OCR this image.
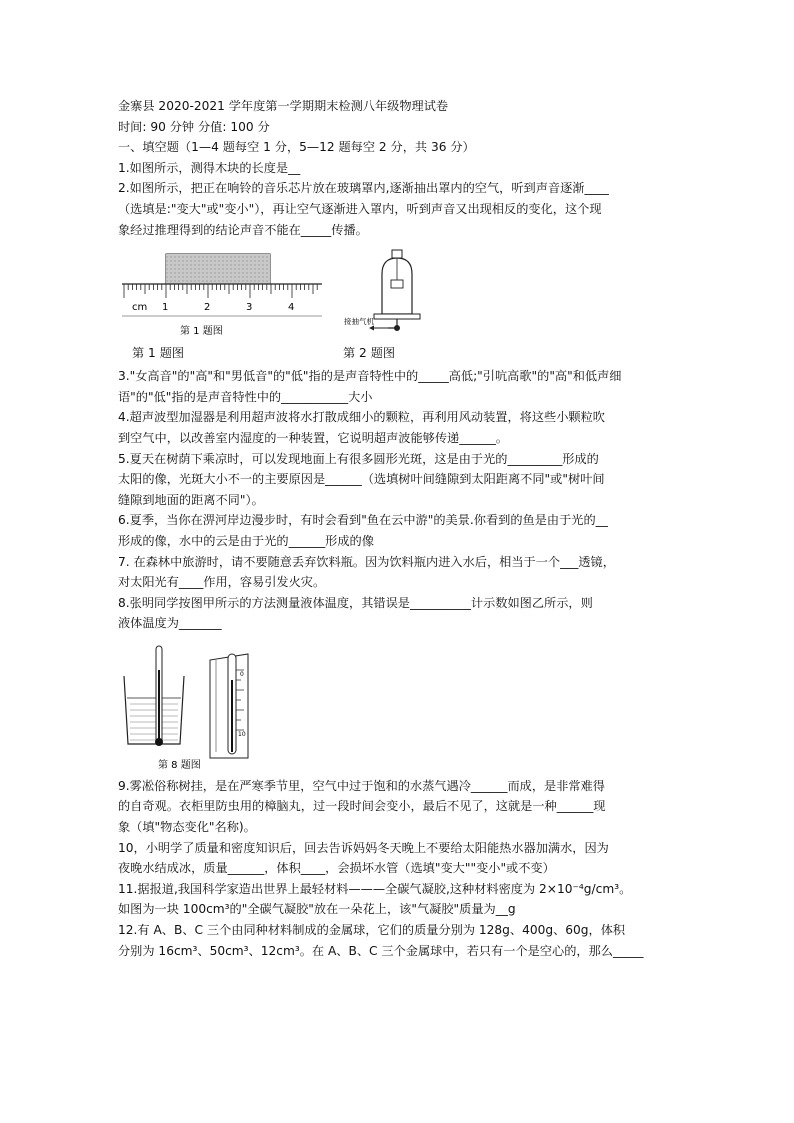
金寨县 2020-2021 学年度第一学期期末检测八年级物理试卷

时间: 90 分钟 分值: 100 分

一、填空题（1—4 题每空 1 分，5—12 题每空 2 分，共 36 分）

1.如图所示，测得木块的长度是__

2.如图所示，把正在响铃的音乐芯片放在玻璃罩内,逐渐抽出罩内的空气，听到声音逐渐____

（选填是:"变大"或"变小"），再让空气逐渐进入罩内，听到声音又出现相反的变化，这个现

象经过推理得到的结论声音不能在_____传播。

cm 1	2	3	4
第 1 题图
接抽气机
第 1 题图	第 2 题图

3."女高音"的"高"和"男低音"的"低"指的是声音特性中的_____高低;"引吭高歌"的"高"和低声细

语"的"低"指的是声音特性中的___________大小

4.超声波型加湿器是利用超声波将水打散成细小的颗粒，再利用风动装置，将这些小颗粒吹

到空气中，以改善室内湿度的一种装置，它说明超声波能够传递______。

5.夏天在树荫下乘凉时，可以发现地面上有很多圆形光斑，这是由于光的_________形成的

太阳的像，光斑大小不一的主要原因是______（选填树叶间缝隙到太阳距离不同"或"树叶间

缝隙到地面的距离不同"）。

6.夏季，当你在淠河岸边漫步时，有时会看到"鱼在云中游"的美景.你看到的鱼是由于光的__

形成的像，水中的云是由于光的______形成的像

7. 在森林中旅游时，请不要随意丢弃饮料瓶。因为饮料瓶内进入水后，相当于一个___透镜，

对太阳光有____作用，容易引发火灾。

8.张明同学按图甲所示的方法测量液体温度，其错误是__________计示数如图乙所示，则

液体温度为_______

0
10
第 8 题图

9.雾凇俗称树挂，是在严寒季节里，空气中过于饱和的水蒸气遇冷______而成，是非常难得

的自奇观。衣柜里防虫用的樟脑丸，过一段时间会变小，最后不见了，这就是一种______现

象（填"物态变化"名称)。

10，小明学了质量和密度知识后，回去告诉妈妈冬天晚上不要给太阳能热水器加满水，因为

夜晚水结成冰，质量______，体积____，会损坏水管（选填"变大""变小"或不变）

11.据报道,我国科学家造出世界上最轻材料———全碳气凝胶,这种材料密度为 2×10⁻⁴g/cm³。

如图为一块 100cm³的"全碳气凝胶"放在一朵花上，该"气凝胶"质量为__g

12.有 A、B、C 三个由同种材料制成的金属球，它们的质量分别为 128g、400g、60g，体积

分别为 16cm³、50cm³、12cm³。在 A、B、C 三个金属球中，若只有一个是空心的，那么_____
